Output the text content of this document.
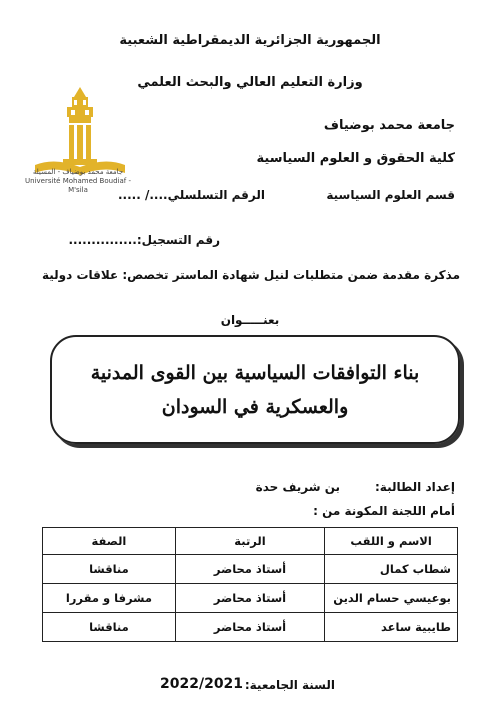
الجمهورية الجزائرية الديمقراطية الشعبية
وزارة التعليم العالي والبحث العلمي
جامعة محمد بوضياف
كلية الحقوق و العلوم السياسية
قسم العلوم السياسية
الرقم التسلسلي..../ .....
رقم التسجيل:...............
جامعة محمد بوضياف - المسيلة
Université Mohamed Boudiaf - M'sila
مذكرة مقدمة ضمن متطلبات لنيل شهادة الماستر تخصص: علاقات دولية
بعنـــــوان
بناء التوافقات السياسية بين القوى المدنية
والعسكرية في السودان
إعداد الطالبة:
بن شريف حدة
أمام اللجنة المكونة من :
الاسم و اللقب	الرتبة	الصفة
شطاب كمال	أستاذ محاضر	مناقشا
بوعيسي حسام الدين	أستاذ محاضر	مشرفا و مقررا
طايبية ساعد	أستاذ محاضر	مناقشا
السنة الجامعية:
2022/2021
